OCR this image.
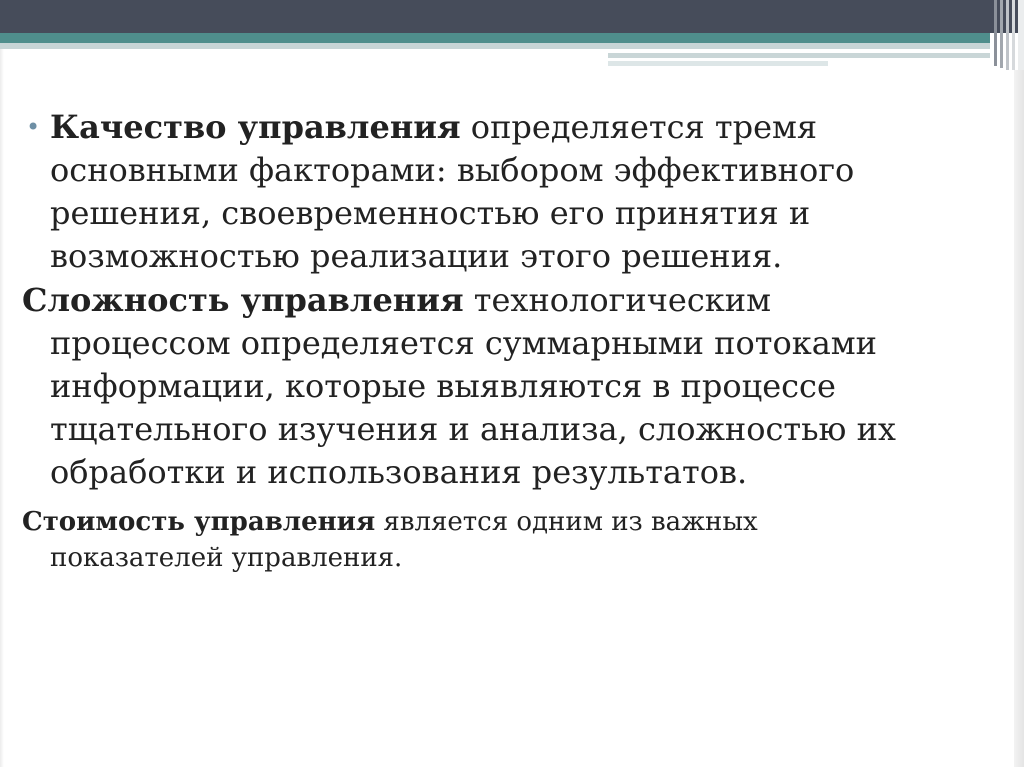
• Качество управления определяется тремя
основными факторами: выбором эффективного
решения, своевременностью его принятия и
возможностью реализации этого решения.

Сложность управления технологическим
процессом определяется суммарными потоками
информации, которые выявляются в процессе
тщательного изучения и анализа, сложностью их
обработки и использования результатов.

Стоимость управления является одним из важных
показателей управления.
